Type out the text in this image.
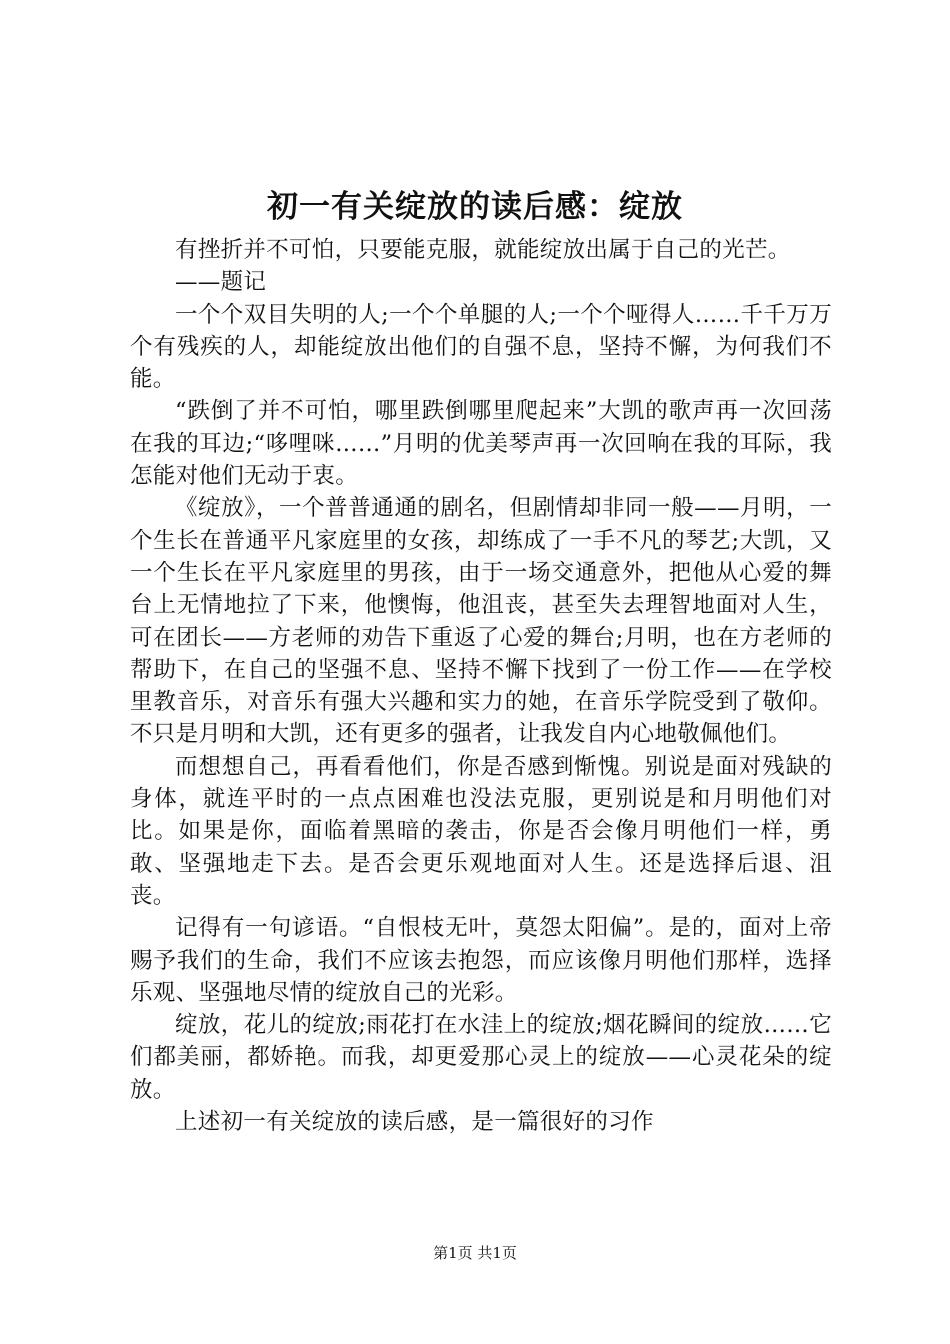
初一有关绽放的读后感：绽放

有挫折并不可怕，只要能克服，就能绽放出属于自己的光芒。

——题记

一个个双目失明的人;一个个单腿的人;一个个哑得人……千千万万个有残疾的人，却能绽放出他们的自强不息，坚持不懈，为何我们不能。

“跌倒了并不可怕，哪里跌倒哪里爬起来”大凯的歌声再一次回荡在我的耳边;“哆哩咪……”月明的优美琴声再一次回响在我的耳际，我怎能对他们无动于衷。

《绽放》，一个普普通通的剧名，但剧情却非同一般——月明，一个生长在普通平凡家庭里的女孩，却练成了一手不凡的琴艺;大凯，又一个生长在平凡家庭里的男孩，由于一场交通意外，把他从心爱的舞台上无情地拉了下来，他懊悔，他沮丧，甚至失去理智地面对人生，可在团长——方老师的劝告下重返了心爱的舞台;月明，也在方老师的帮助下，在自己的坚强不息、坚持不懈下找到了一份工作——在学校里教音乐，对音乐有强大兴趣和实力的她，在音乐学院受到了敬仰。不只是月明和大凯，还有更多的强者，让我发自内心地敬佩他们。

而想想自己，再看看他们，你是否感到惭愧。别说是面对残缺的身体，就连平时的一点点困难也没法克服，更别说是和月明他们对比。如果是你，面临着黑暗的袭击，你是否会像月明他们一样，勇敢、坚强地走下去。是否会更乐观地面对人生。还是选择后退、沮丧。

记得有一句谚语。“自恨枝无叶，莫怨太阳偏”。是的，面对上帝赐予我们的生命，我们不应该去抱怨，而应该像月明他们那样，选择乐观、坚强地尽情的绽放自己的光彩。

绽放，花儿的绽放;雨花打在水洼上的绽放;烟花瞬间的绽放……它们都美丽，都娇艳。而我，却更爱那心灵上的绽放——心灵花朵的绽放。

上述初一有关绽放的读后感，是一篇很好的习作

第1页 共1页
